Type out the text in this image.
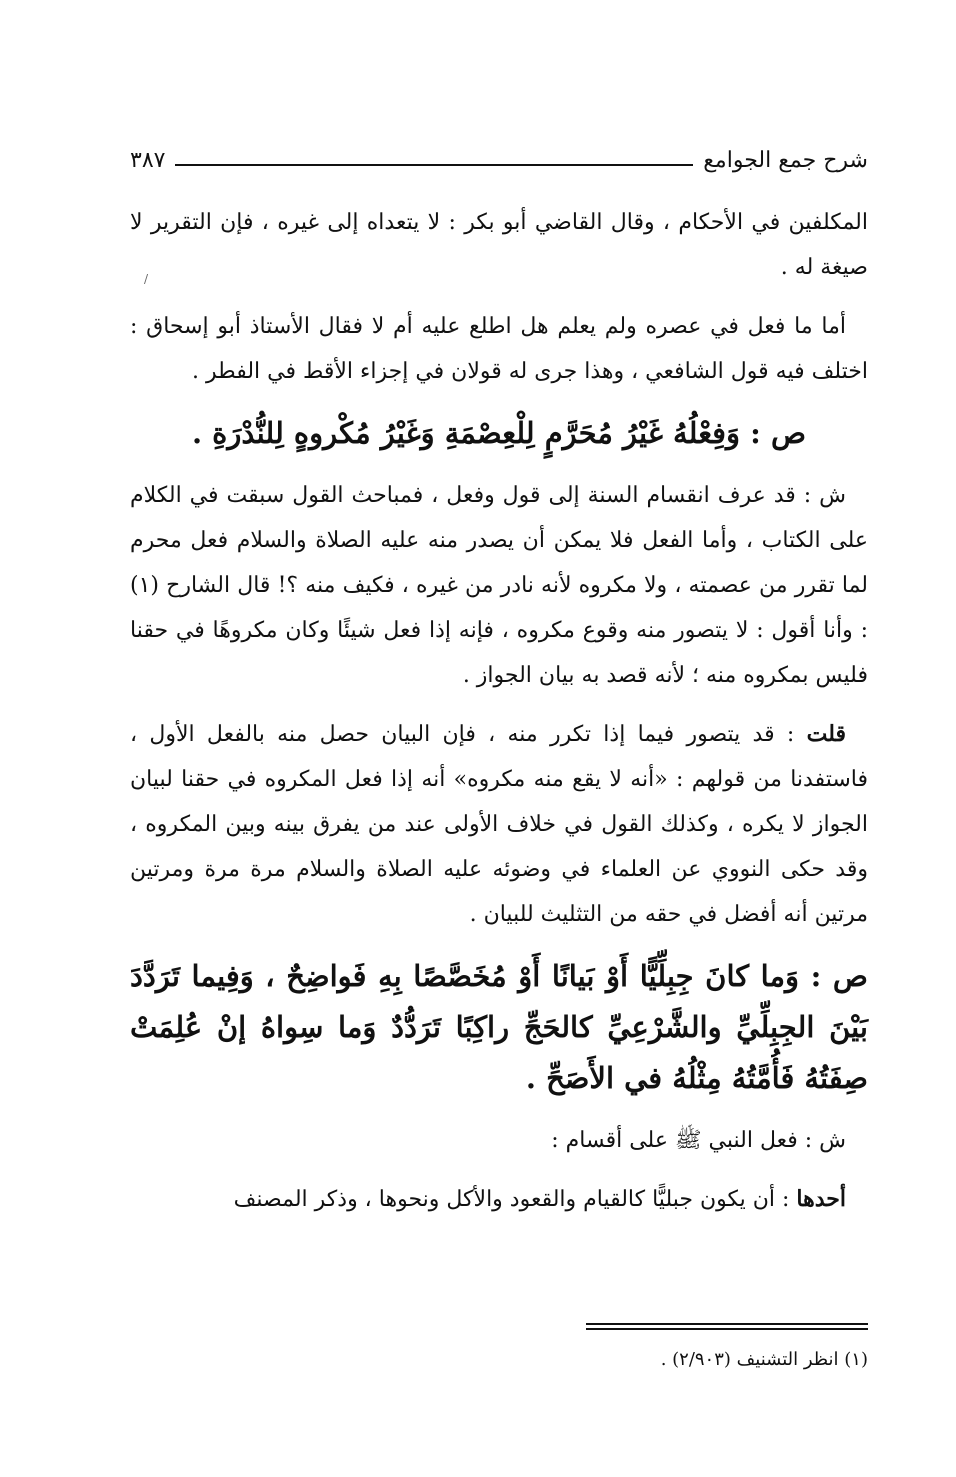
شرح جمع الجوامع
٣٨٧
/

المكلفين في الأحكام ، وقال القاضي أبو بكر : لا يتعداه إلى غيره ، فإن التقرير لا صيغة له .

أما ما فعل في عصره ولم يعلم هل اطلع عليه أم لا فقال الأستاذ أبو إسحاق : اختلف فيه قول الشافعي ، وهذا جرى له قولان في إجزاء الأقط في الفطر .

ص : وَفِعْلُهُ غَيْرُ مُحَرَّمٍ لِلْعِصْمَةِ وَغَيْرُ مُكْروهٍ لِلنُّدْرَةِ .

ش : قد عرف انقسام السنة إلى قول وفعل ، فمباحث القول سبقت في الكلام على الكتاب ، وأما الفعل فلا يمكن أن يصدر منه عليه الصلاة والسلام فعل محرم لما تقرر من عصمته ، ولا مكروه لأنه نادر من غيره ، فكيف منه ؟! قال الشارح (١) : وأنا أقول : لا يتصور منه وقوع مكروه ، فإنه إذا فعل شيئًا وكان مكروهًا في حقنا فليس بمكروه منه ؛ لأنه قصد به بيان الجواز .

قلت : قد يتصور فيما إذا تكرر منه ، فإن البيان حصل منه بالفعل الأول ، فاستفدنا من قولهم : «أنه لا يقع منه مكروه» أنه إذا فعل المكروه في حقنا لبيان الجواز لا يكره ، وكذلك القول في خلاف الأولى عند من يفرق بينه وبين المكروه ، وقد حكى النووي عن العلماء في وضوئه عليه الصلاة والسلام مرة مرة ومرتين مرتين أنه أفضل في حقه من التثليث للبيان .

ص : وَما كانَ جِبِلِّيًّا أَوْ بَيانًا أَوْ مُخَصَّصًا بِهِ فَواضِحٌ ، وَفِيما تَرَدَّدَ بَيْنَ الجِبِلِّيِّ والشَّرْعِيِّ كالحَجِّ راكِبًا تَرَدُّدٌ وَما سِواهُ إنْ عُلِمَتْ صِفَتُهُ فَأُمَّتُهُ مِثْلُهُ في الأَصَحِّ .

ش : فعل النبي ﷺ على أقسام :

أحدها : أن يكون جبليًّا كالقيام والقعود والأكل ونحوها ، وذكر المصنف

(١) انظر التشنيف (٢/٩٠٣) .
